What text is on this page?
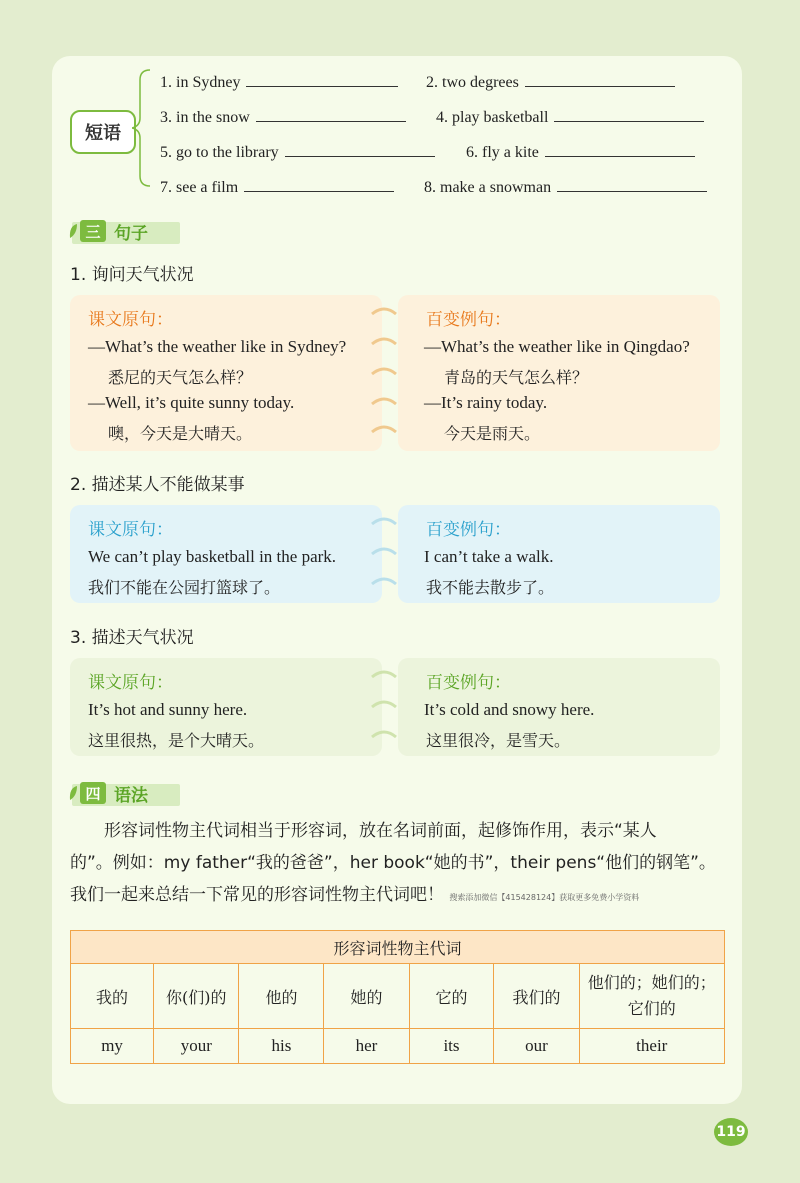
短语
1. in Sydney	2. two degrees
3. in the snow	4. play basketball
5. go to the library	6. fly a kite
7. see a film	8. make a snowman
三 句子
1. 询问天气状况
课文原句：
—What’s the weather like in Sydney?
悉尼的天气怎么样？
—Well, it’s quite sunny today.
噢，今天是大晴天。
百变例句：
—What’s the weather like in Qingdao?
青岛的天气怎么样？
—It’s rainy today.
今天是雨天。
2. 描述某人不能做某事
课文原句：
We can’t play basketball in the park.
我们不能在公园打篮球了。
百变例句：
I can’t take a walk.
我不能去散步了。
3. 描述天气状况
课文原句：
It’s hot and sunny here.
这里很热，是个大晴天。
百变例句：
It’s cold and snowy here.
这里很冷，是雪天。
四 语法

形容词性物主代词相当于形容词，放在名词前面，起修饰作用，表示“某人

的”。例如：my father“我的爸爸”，her book“她的书”，their pens“他们的钢笔”。

我们一起来总结一下常见的形容词性物主代词吧！ 搜索添加微信【415428124】获取更多免费小学资料

形容词性物主代词						
我的	你(们)的	他的	她的	它的	我们的	他们的；她们的；它们的
my	your	his	her	its	our	their
119
